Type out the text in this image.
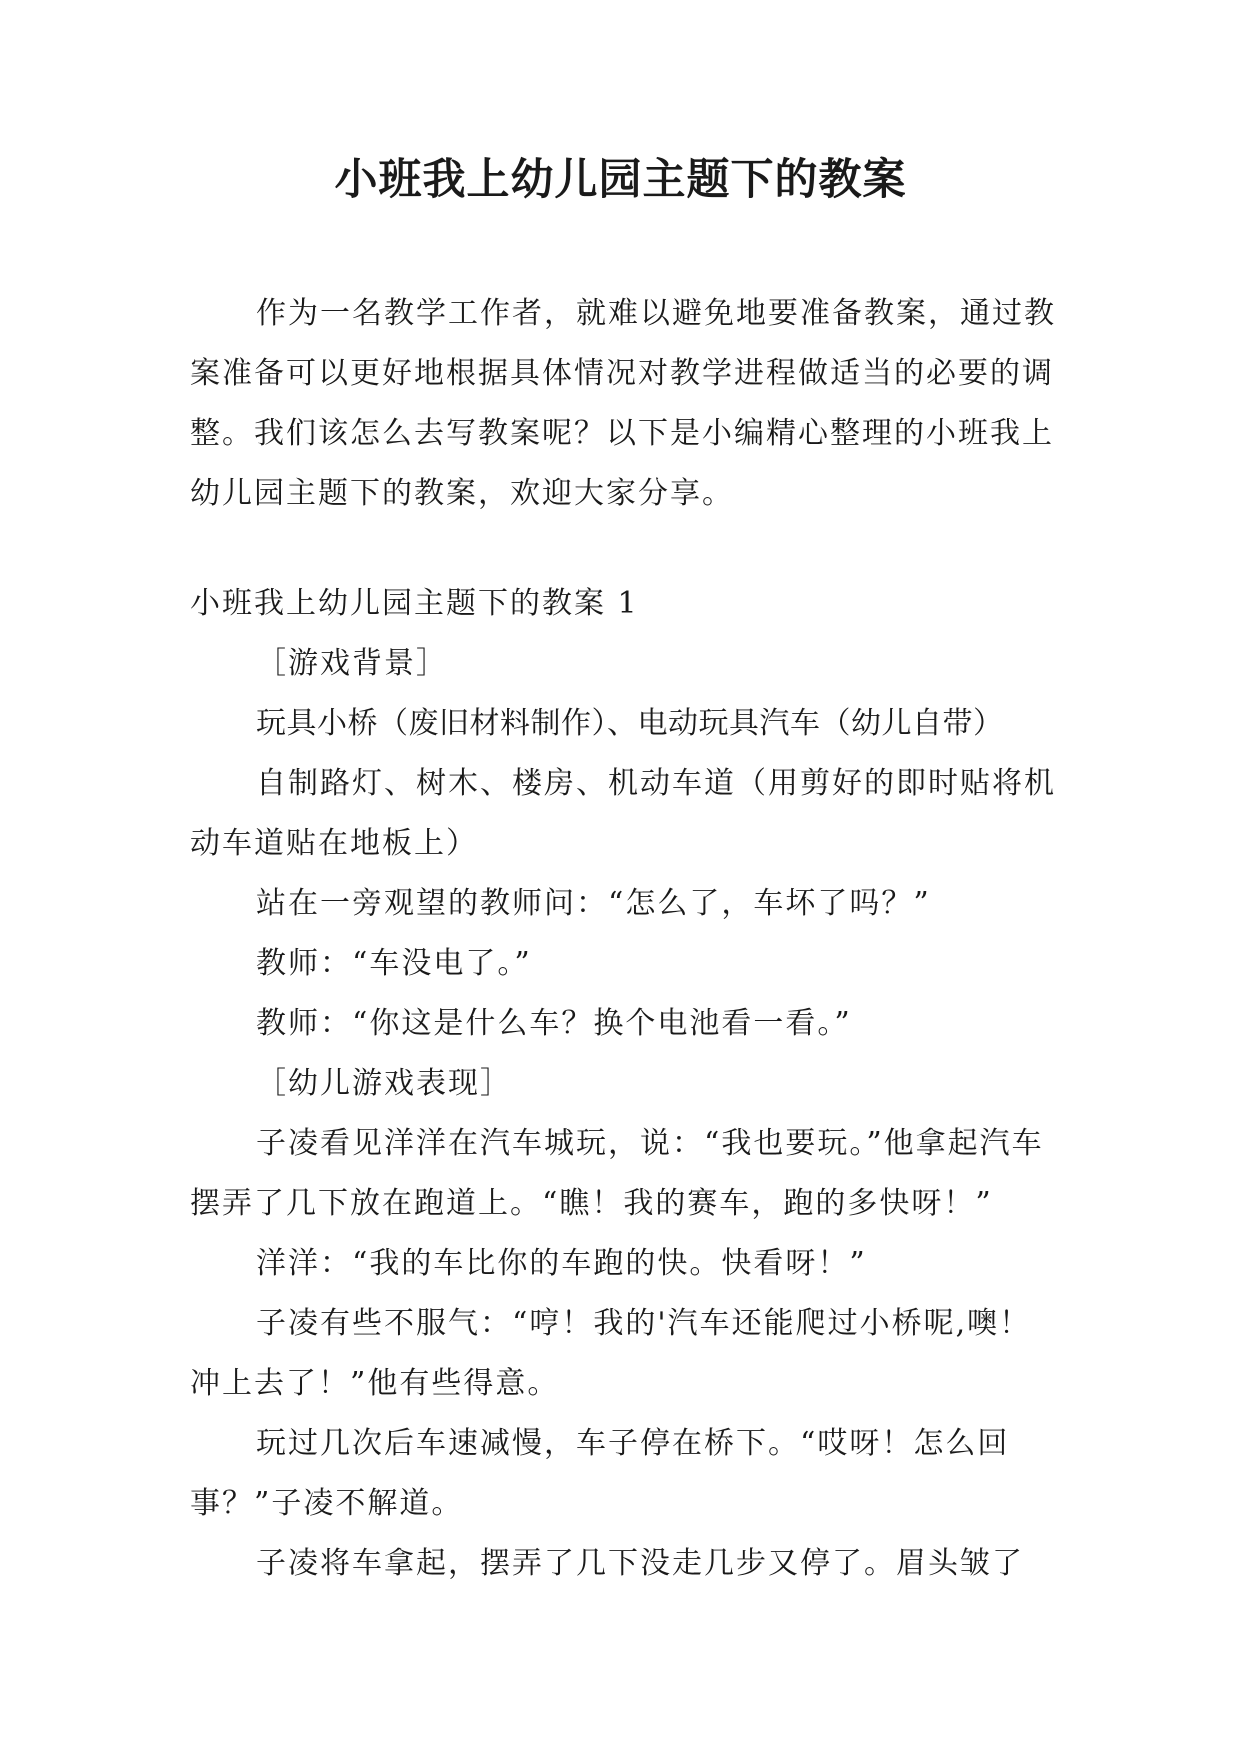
小班我上幼儿园主题下的教案

作为一名教学工作者，就难以避免地要准备教案，通过教案准备可以更好地根据具体情况对教学进程做适当的必要的调整。我们该怎么去写教案呢？以下是小编精心整理的小班我上幼儿园主题下的教案，欢迎大家分享。

小班我上幼儿园主题下的教案 1

［游戏背景］

玩具小桥（废旧材料制作）、电动玩具汽车（幼儿自带）

自制路灯、树木、楼房、机动车道（用剪好的即时贴将机动车道贴在地板上）

站在一旁观望的教师问：“怎么了，车坏了吗？”

教师：“车没电了。”

教师：“你这是什么车？换个电池看一看。”

［幼儿游戏表现］

子凌看见洋洋在汽车城玩，说：“我也要玩。”他拿起汽车摆弄了几下放在跑道上。“瞧！我的赛车，跑的多快呀！”

洋洋：“我的车比你的车跑的快。快看呀！”

子凌有些不服气：“哼！我的'汽车还能爬过小桥呢,噢！冲上去了！”他有些得意。

玩过几次后车速减慢，车子停在桥下。“哎呀！怎么回事？”子凌不解道。

子凌将车拿起，摆弄了几下没走几步又停了。眉头皱了
